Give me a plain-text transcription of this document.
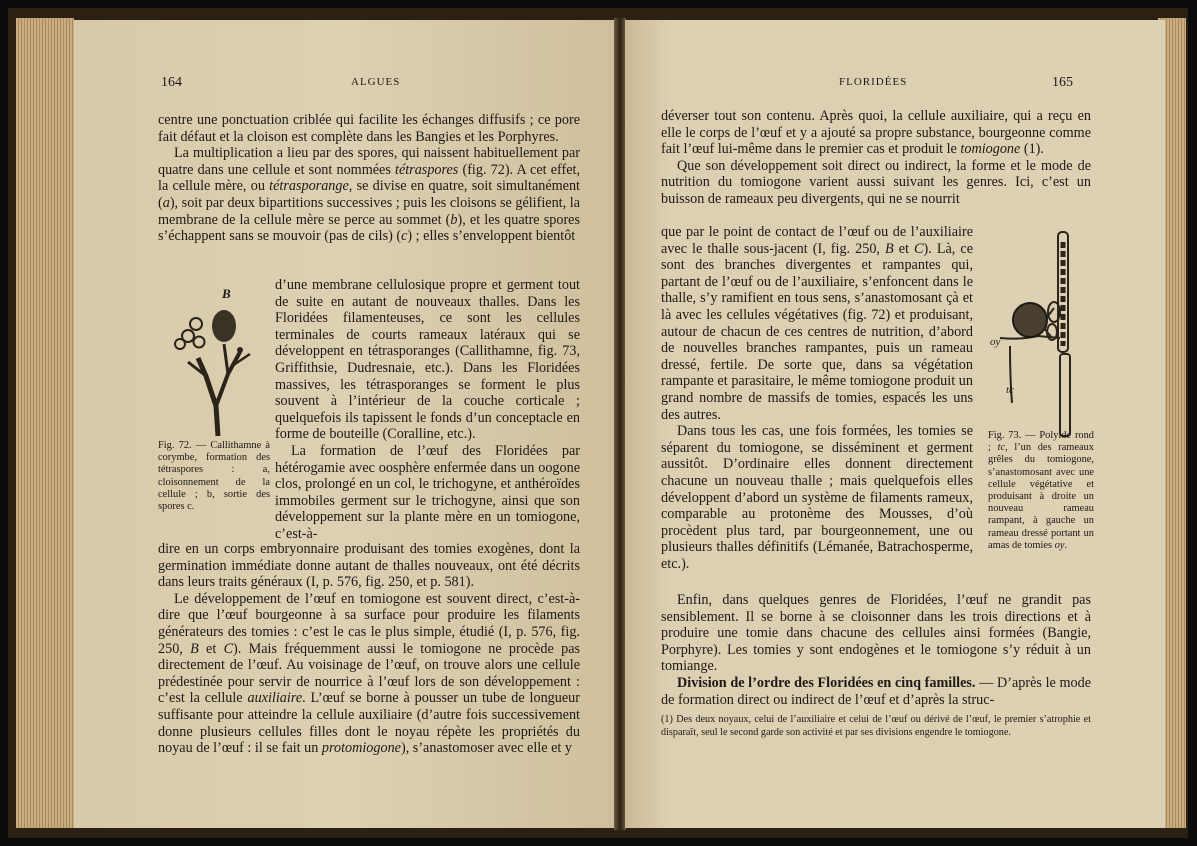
164	ALGUES

centre une ponctuation criblée qui facilite les échanges diffusifs ; ce pore fait défaut et la cloison est complète dans les Bangies et les Porphyres.

La multiplication a lieu par des spores, qui naissent habituellement par quatre dans une cellule et sont nommées tétraspores (fig. 72). A cet effet, la cellule mère, ou tétrasporange, se divise en quatre, soit simultanément (a), soit par deux bipartitions successives ; puis les cloisons se gélifient, la membrane de la cellule mère se perce au sommet (b), et les quatre spores s’échappent sans se mouvoir (pas de cils) (c) ; elles s’enveloppent bientôt

d’une membrane cellulosique propre et germent tout de suite en autant de nouveaux thalles. Dans les Floridées filamenteuses, ce sont les cellules terminales de courts rameaux latéraux qui se développent en tétrasporanges (Callithamne, fig. 73, Griffithsie, Dudresnaie, etc.). Dans les Floridées massives, les tétrasporanges se forment le plus souvent à l’intérieur de la couche corticale ; quelquefois ils tapissent le fonds d’un conceptacle en forme de bouteille (Coralline, etc.).

La formation de l’œuf des Floridées par hétérogamie avec oosphère enfermée dans un oogone clos, prolongé en un col, le trichogyne, et anthéroïdes immobiles germent sur le trichogyne, ainsi que son développement sur la plante mère en un tomiogone, c’est-à-

B
Fig. 72. — Callithamne à corymbe, formation des tétraspores : a, cloisonnement de la cellule ; b, sortie des spores c.

dire en un corps embryonnaire produisant des tomies exogènes, dont la germination immédiate donne autant de thalles nouveaux, ont été décrits dans leurs traits généraux (I, p. 576, fig. 250, et p. 581).

Le développement de l’œuf en tomiogone est souvent direct, c’est-à-dire que l’œuf bourgeonne à sa surface pour produire les filaments générateurs des tomies : c’est le cas le plus simple, étudié (I, p. 576, fig. 250, B et C). Mais fréquemment aussi le tomiogone ne procède pas directement de l’œuf. Au voisinage de l’œuf, on trouve alors une cellule prédestinée pour servir de nourrice à l’œuf lors de son développement : c’est la cellule auxiliaire. L’œuf se borne à pousser un tube de longueur suffisante pour atteindre la cellule auxiliaire (d’autre fois successivement donne plusieurs cellules filles dont le noyau répète les propriétés du noyau de l’œuf : il se fait un protomiogone), s’anastomoser avec elle et y

FLORIDÉES	165

déverser tout son contenu. Après quoi, la cellule auxiliaire, qui a reçu en elle le corps de l’œuf et y a ajouté sa propre substance, bourgeonne comme fait l’œuf lui-même dans le premier cas et produit le tomiogone (1).

Que son développement soit direct ou indirect, la forme et le mode de nutrition du tomiogone varient aussi suivant les genres. Ici, c’est un buisson de rameaux peu divergents, qui ne se nourrit

que par le point de contact de l’œuf ou de l’auxiliaire avec le thalle sous-jacent (I, fig. 250, B et C). Là, ce sont des branches divergentes et rampantes qui, partant de l’œuf ou de l’auxiliaire, s’enfoncent dans le thalle, s’y ramifient en tous sens, s’anastomosant çà et là avec les cellules végétatives (fig. 72) et produisant, autour de chacun de ces centres de nutrition, d’abord de nouvelles branches rampantes, puis un rameau dressé, fertile. De sorte que, dans sa végétation rampante et parasitaire, le même tomiogone produit un grand nombre de massifs de tomies, espacés les uns des autres.

Dans tous les cas, une fois formées, les tomies se séparent du tomiogone, se disséminent et germent aussitôt. D’ordinaire elles donnent directement chacune un nouveau thalle ; mais quelquefois elles développent d’abord un système de filaments rameux, comparable au protonème des Mousses, d’où procèdent plus tard, par bourgeonnement, une ou plusieurs thalles définitifs (Lémanée, Batrachosperme, etc.).

oy
tc
Fig. 73. — Polyide rond ; tc, l’un des rameaux grêles du tomiogone, s’anastomosant avec une cellule végétative et produisant à droite un nouveau rameau rampant, à gauche un rameau dressé portant un amas de tomies oy.

Enfin, dans quelques genres de Floridées, l’œuf ne grandit pas sensiblement. Il se borne à se cloisonner dans les trois directions et à produire une tomie dans chacune des cellules ainsi formées (Bangie, Porphyre). Les tomies y sont endogènes et le tomiogone s’y réduit à un tomiange.

Division de l’ordre des Floridées en cinq familles. — D’après le mode de formation direct ou indirect de l’œuf et d’après la struc-

(1) Des deux noyaux, celui de l’auxiliaire et celui de l’œuf ou dérivé de l’œuf, le premier s’atrophie et disparaît, seul le second garde son activité et par ses divisions engendre le tomiogone.
